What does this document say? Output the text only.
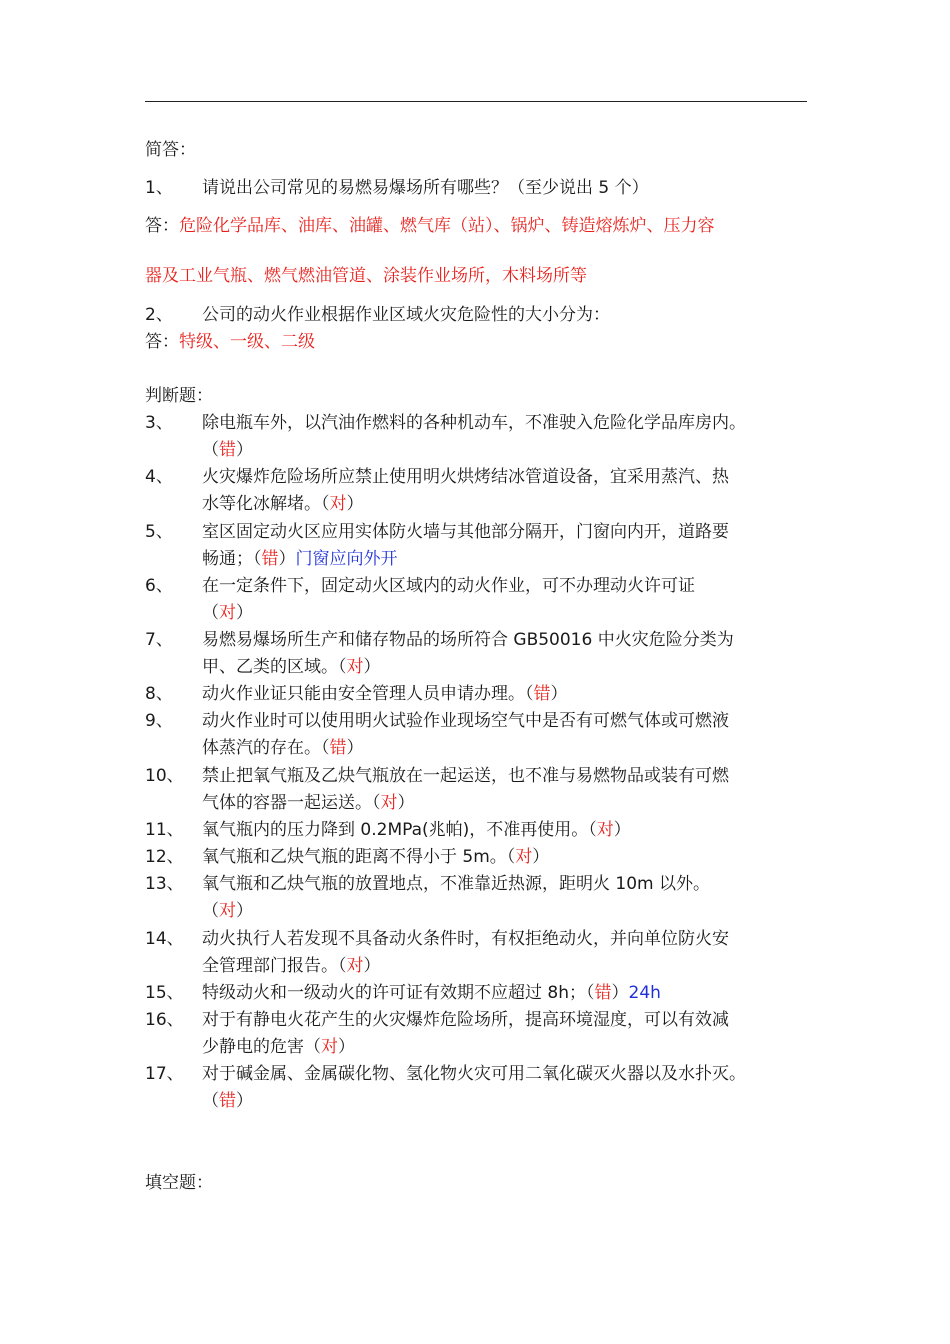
简答：
1、 请说出公司常见的易燃易爆场所有哪些？（至少说出 5 个）
答：危险化学品库、油库、油罐、燃气库（站）、锅炉、铸造熔炼炉、压力容
器及工业气瓶、燃气燃油管道、涂装作业场所，木料场所等
2、 公司的动火作业根据作业区域火灾危险性的大小分为：
答：特级、一级、二级
判断题：
3、 除电瓶车外，以汽油作燃料的各种机动车，不准驶入危险化学品库房内。
（错）
4、 火灾爆炸危险场所应禁止使用明火烘烤结冰管道设备，宜采用蒸汽、热
水等化冰解堵。（对）
5、 室区固定动火区应用实体防火墙与其他部分隔开，门窗向内开，道路要
畅通；（错）门窗应向外开
6、 在一定条件下，固定动火区域内的动火作业，可不办理动火许可证
（对）
7、 易燃易爆场所生产和储存物品的场所符合 GB50016 中火灾危险分类为
甲、乙类的区域。（对）
8、 动火作业证只能由安全管理人员申请办理。（错）
9、 动火作业时可以使用明火试验作业现场空气中是否有可燃气体或可燃液
体蒸汽的存在。（错）
10、 禁止把氧气瓶及乙炔气瓶放在一起运送，也不准与易燃物品或装有可燃
气体的容器一起运送。（对）
11、 氧气瓶内的压力降到 0.2MPa(兆帕)，不准再使用。（对）
12、 氧气瓶和乙炔气瓶的距离不得小于 5m。（对）
13、 氧气瓶和乙炔气瓶的放置地点，不准靠近热源，距明火 10m 以外。
（对）
14、 动火执行人若发现不具备动火条件时，有权拒绝动火，并向单位防火安
全管理部门报告。（对）
15、 特级动火和一级动火的许可证有效期不应超过 8h；（错）24h
16、 对于有静电火花产生的火灾爆炸危险场所，提高环境湿度，可以有效减
少静电的危害（对）
17、 对于碱金属、金属碳化物、氢化物火灾可用二氧化碳灭火器以及水扑灭。
（错）
填空题：
